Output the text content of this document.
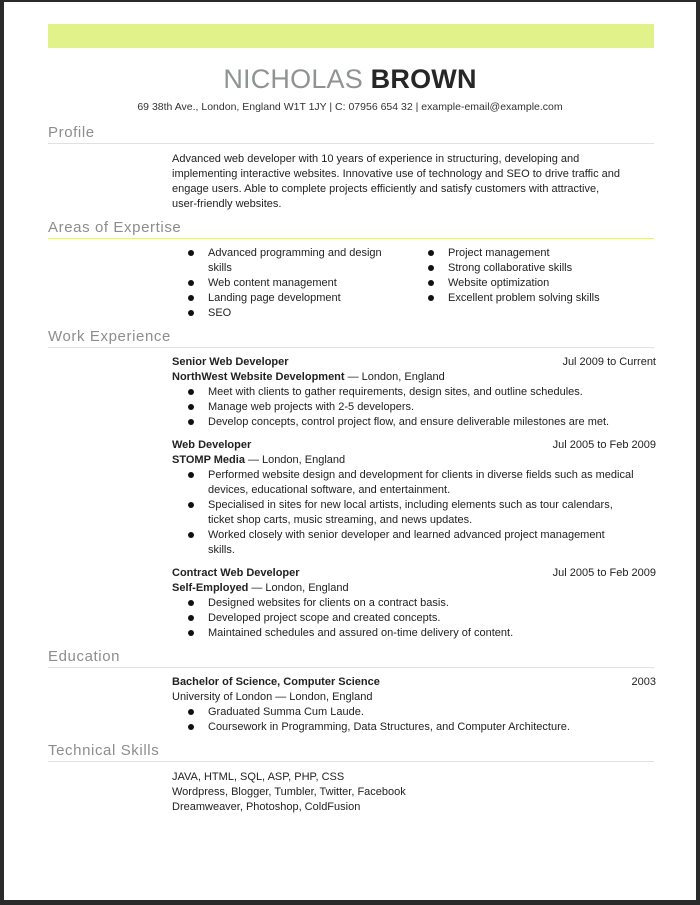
NICHOLAS BROWN
69 38th Ave., London, England W1T 1JY | C: 07956 654 32 | example-email@example.com
Profile
Advanced web developer with 10 years of experience in structuring, developing and
implementing interactive websites. Innovative use of technology and SEO to drive traffic and
engage users. Able to complete projects efficiently and satisfy customers with attractive,
user-friendly websites.
Areas of Expertise
Advanced programming and design
skills
Web content management
Landing page development
SEO
Project management
Strong collaborative skills
Website optimization
Excellent problem solving skills
Work Experience
Senior Web Developer	Jul 2009 to Current
NorthWest Website Development — London, England
Meet with clients to gather requirements, design sites, and outline schedules.
Manage web projects with 2-5 developers.
Develop concepts, control project flow, and ensure deliverable milestones are met.
Web Developer	Jul 2005 to Feb 2009
STOMP Media — London, England
Performed website design and development for clients in diverse fields such as medical
devices, educational software, and entertainment.
Specialised in sites for new local artists, including elements such as tour calendars,
ticket shop carts, music streaming, and news updates.
Worked closely with senior developer and learned advanced project management
skills.
Contract Web Developer	Jul 2005 to Feb 2009
Self-Employed — London, England
Designed websites for clients on a contract basis.
Developed project scope and created concepts.
Maintained schedules and assured on-time delivery of content.
Education
Bachelor of Science, Computer Science	2003
University of London — London, England
Graduated Summa Cum Laude.
Coursework in Programming, Data Structures, and Computer Architecture.
Technical Skills
JAVA, HTML, SQL, ASP, PHP, CSS
Wordpress, Blogger, Tumbler, Twitter, Facebook
Dreamweaver, Photoshop, ColdFusion
